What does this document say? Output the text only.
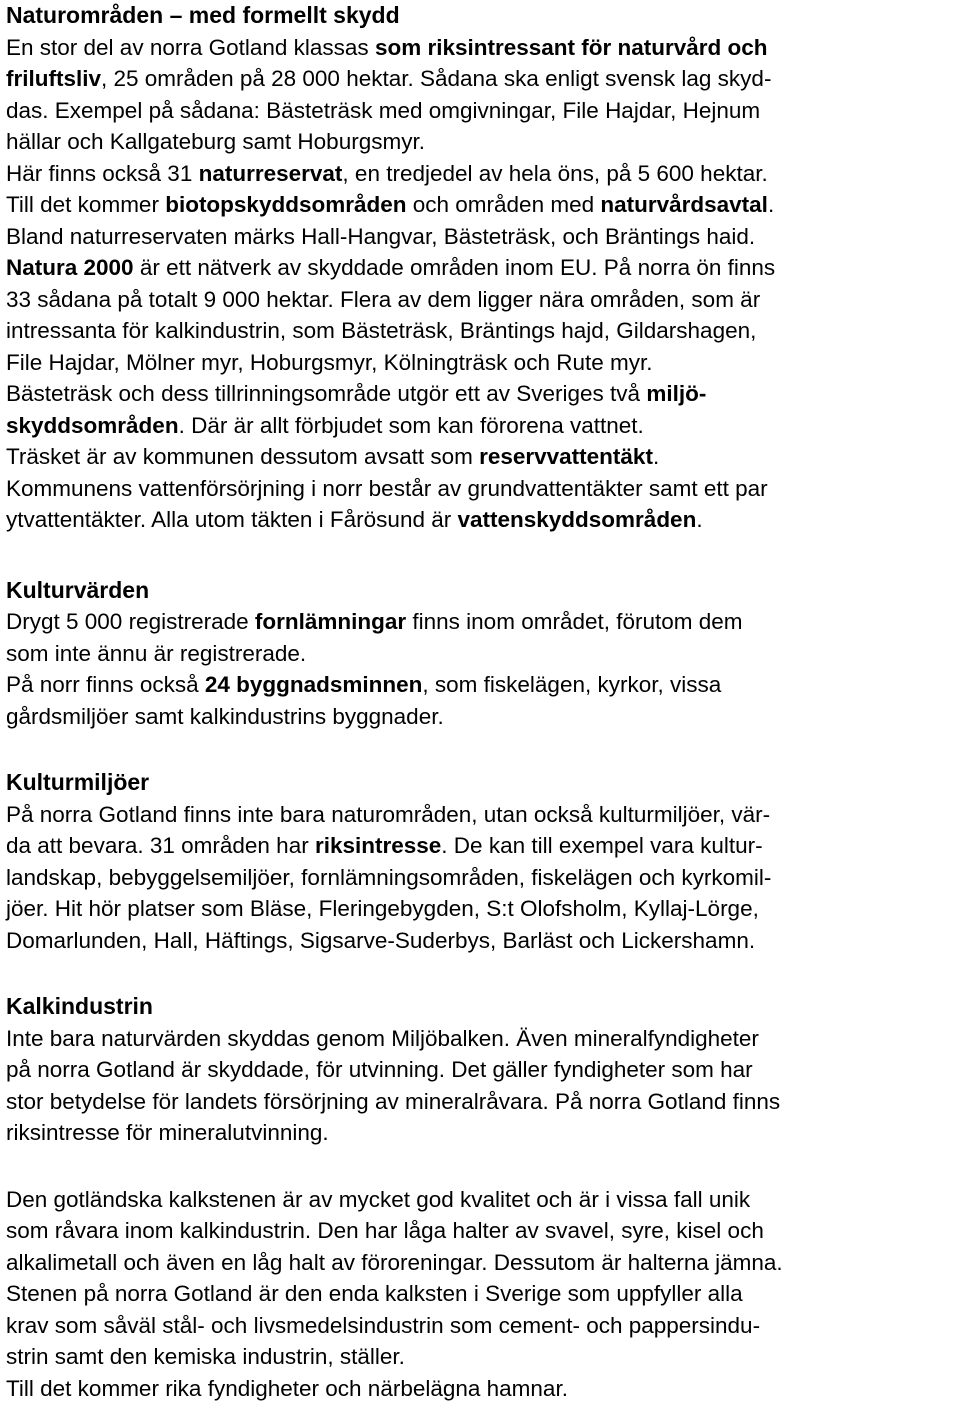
Naturområden – med formellt skydd
En stor del av norra Gotland klassas som riksintressant för naturvård och
friluftsliv, 25 områden på 28 000 hektar. Sådana ska enligt svensk lag skyd-
das. Exempel på sådana: Bästeträsk med omgivningar, File Hajdar, Hejnum
hällar och Kallgateburg samt Hoburgsmyr.
Här finns också 31 naturreservat, en tredjedel av hela öns, på 5 600 hektar.
Till det kommer biotopskyddsområden och områden med naturvårdsavtal.
Bland naturreservaten märks Hall-Hangvar, Bästeträsk, och Bräntings haid.
Natura 2000 är ett nätverk av skyddade områden inom EU. På norra ön finns
33 sådana på totalt 9 000 hektar. Flera av dem ligger nära områden, som är
intressanta för kalkindustrin, som Bästeträsk, Bräntings hajd, Gildarshagen,
File Hajdar, Mölner myr, Hoburgsmyr, Kölningträsk och Rute myr.
Bästeträsk och dess tillrinningsområde utgör ett av Sveriges två miljö-
skyddsområden. Där är allt förbjudet som kan förorena vattnet.
Träsket är av kommunen dessutom avsatt som reservvattentäkt.
Kommunens vattenförsörjning i norr består av grundvattentäkter samt ett par
ytvattentäkter. Alla utom täkten i Fårösund är vattenskyddsområden.
Kulturvärden
Drygt 5 000 registrerade fornlämningar finns inom området, förutom dem
som inte ännu är registrerade.
På norr finns också 24 byggnadsminnen, som fiskelägen, kyrkor, vissa
gårdsmiljöer samt kalkindustrins byggnader.
Kulturmiljöer
På norra Gotland finns inte bara naturområden, utan också kulturmiljöer, vär-
da att bevara. 31 områden har riksintresse. De kan till exempel vara kultur-
landskap, bebyggelsemiljöer, fornlämningsområden, fiskelägen och kyrkomil-
jöer. Hit hör platser som Bläse, Fleringebygden, S:t Olofsholm, Kyllaj-Lörge,
Domarlunden, Hall, Häftings, Sigsarve-Suderbys, Barläst och Lickershamn.
Kalkindustrin
Inte bara naturvärden skyddas genom Miljöbalken. Även mineralfyndigheter
på norra Gotland är skyddade, för utvinning. Det gäller fyndigheter som har
stor betydelse för landets försörjning av mineralråvara. På norra Gotland finns
riksintresse för mineralutvinning.
Den gotländska kalkstenen är av mycket god kvalitet och är i vissa fall unik
som råvara inom kalkindustrin. Den har låga halter av svavel, syre, kisel och
alkalimetall och även en låg halt av föroreningar. Dessutom är halterna jämna.
Stenen på norra Gotland är den enda kalksten i Sverige som uppfyller alla
krav som såväl stål- och livsmedelsindustrin som cement- och pappersindu-
strin samt den kemiska industrin, ställer.
Till det kommer rika fyndigheter och närbelägna hamnar.
